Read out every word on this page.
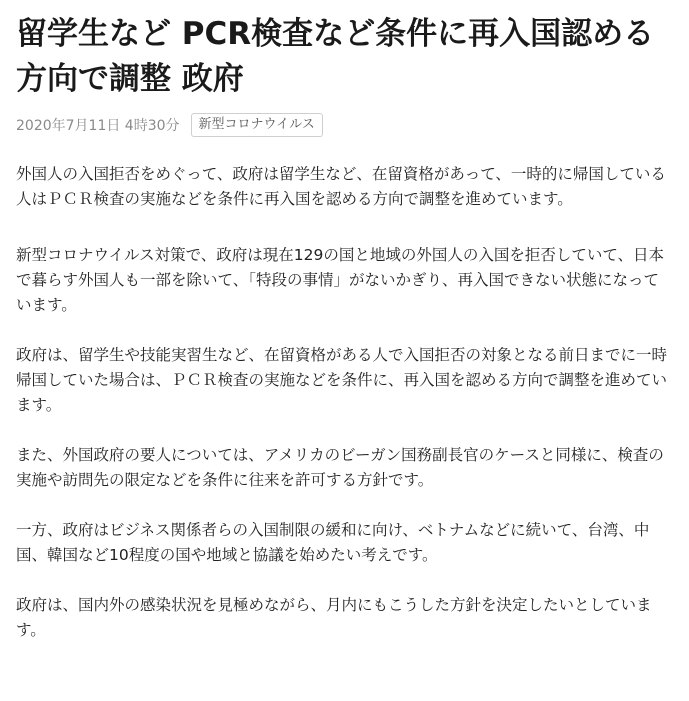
留学生など PCR検査など条件に再入国認める方向で調整 政府
2020年7月11日 4時30分	新型コロナウイルス

外国人の入国拒否をめぐって、政府は留学生など、在留資格があって、一時的に帰国している人はＰＣＲ検査の実施などを条件に再入国を認める方向で調整を進めています。

新型コロナウイルス対策で、政府は現在129の国と地域の外国人の入国を拒否していて、日本で暮らす外国人も一部を除いて、「特段の事情」がないかぎり、再入国できない状態になっています。

政府は、留学生や技能実習生など、在留資格がある人で入国拒否の対象となる前日までに一時帰国していた場合は、ＰＣＲ検査の実施などを条件に、再入国を認める方向で調整を進めています。

また、外国政府の要人については、アメリカのビーガン国務副長官のケースと同様に、検査の実施や訪問先の限定などを条件に往来を許可する方針です。

一方、政府はビジネス関係者らの入国制限の緩和に向け、ベトナムなどに続いて、台湾、中国、韓国など10程度の国や地域と協議を始めたい考えです。

政府は、国内外の感染状況を見極めながら、月内にもこうした方針を決定したいとしています。
